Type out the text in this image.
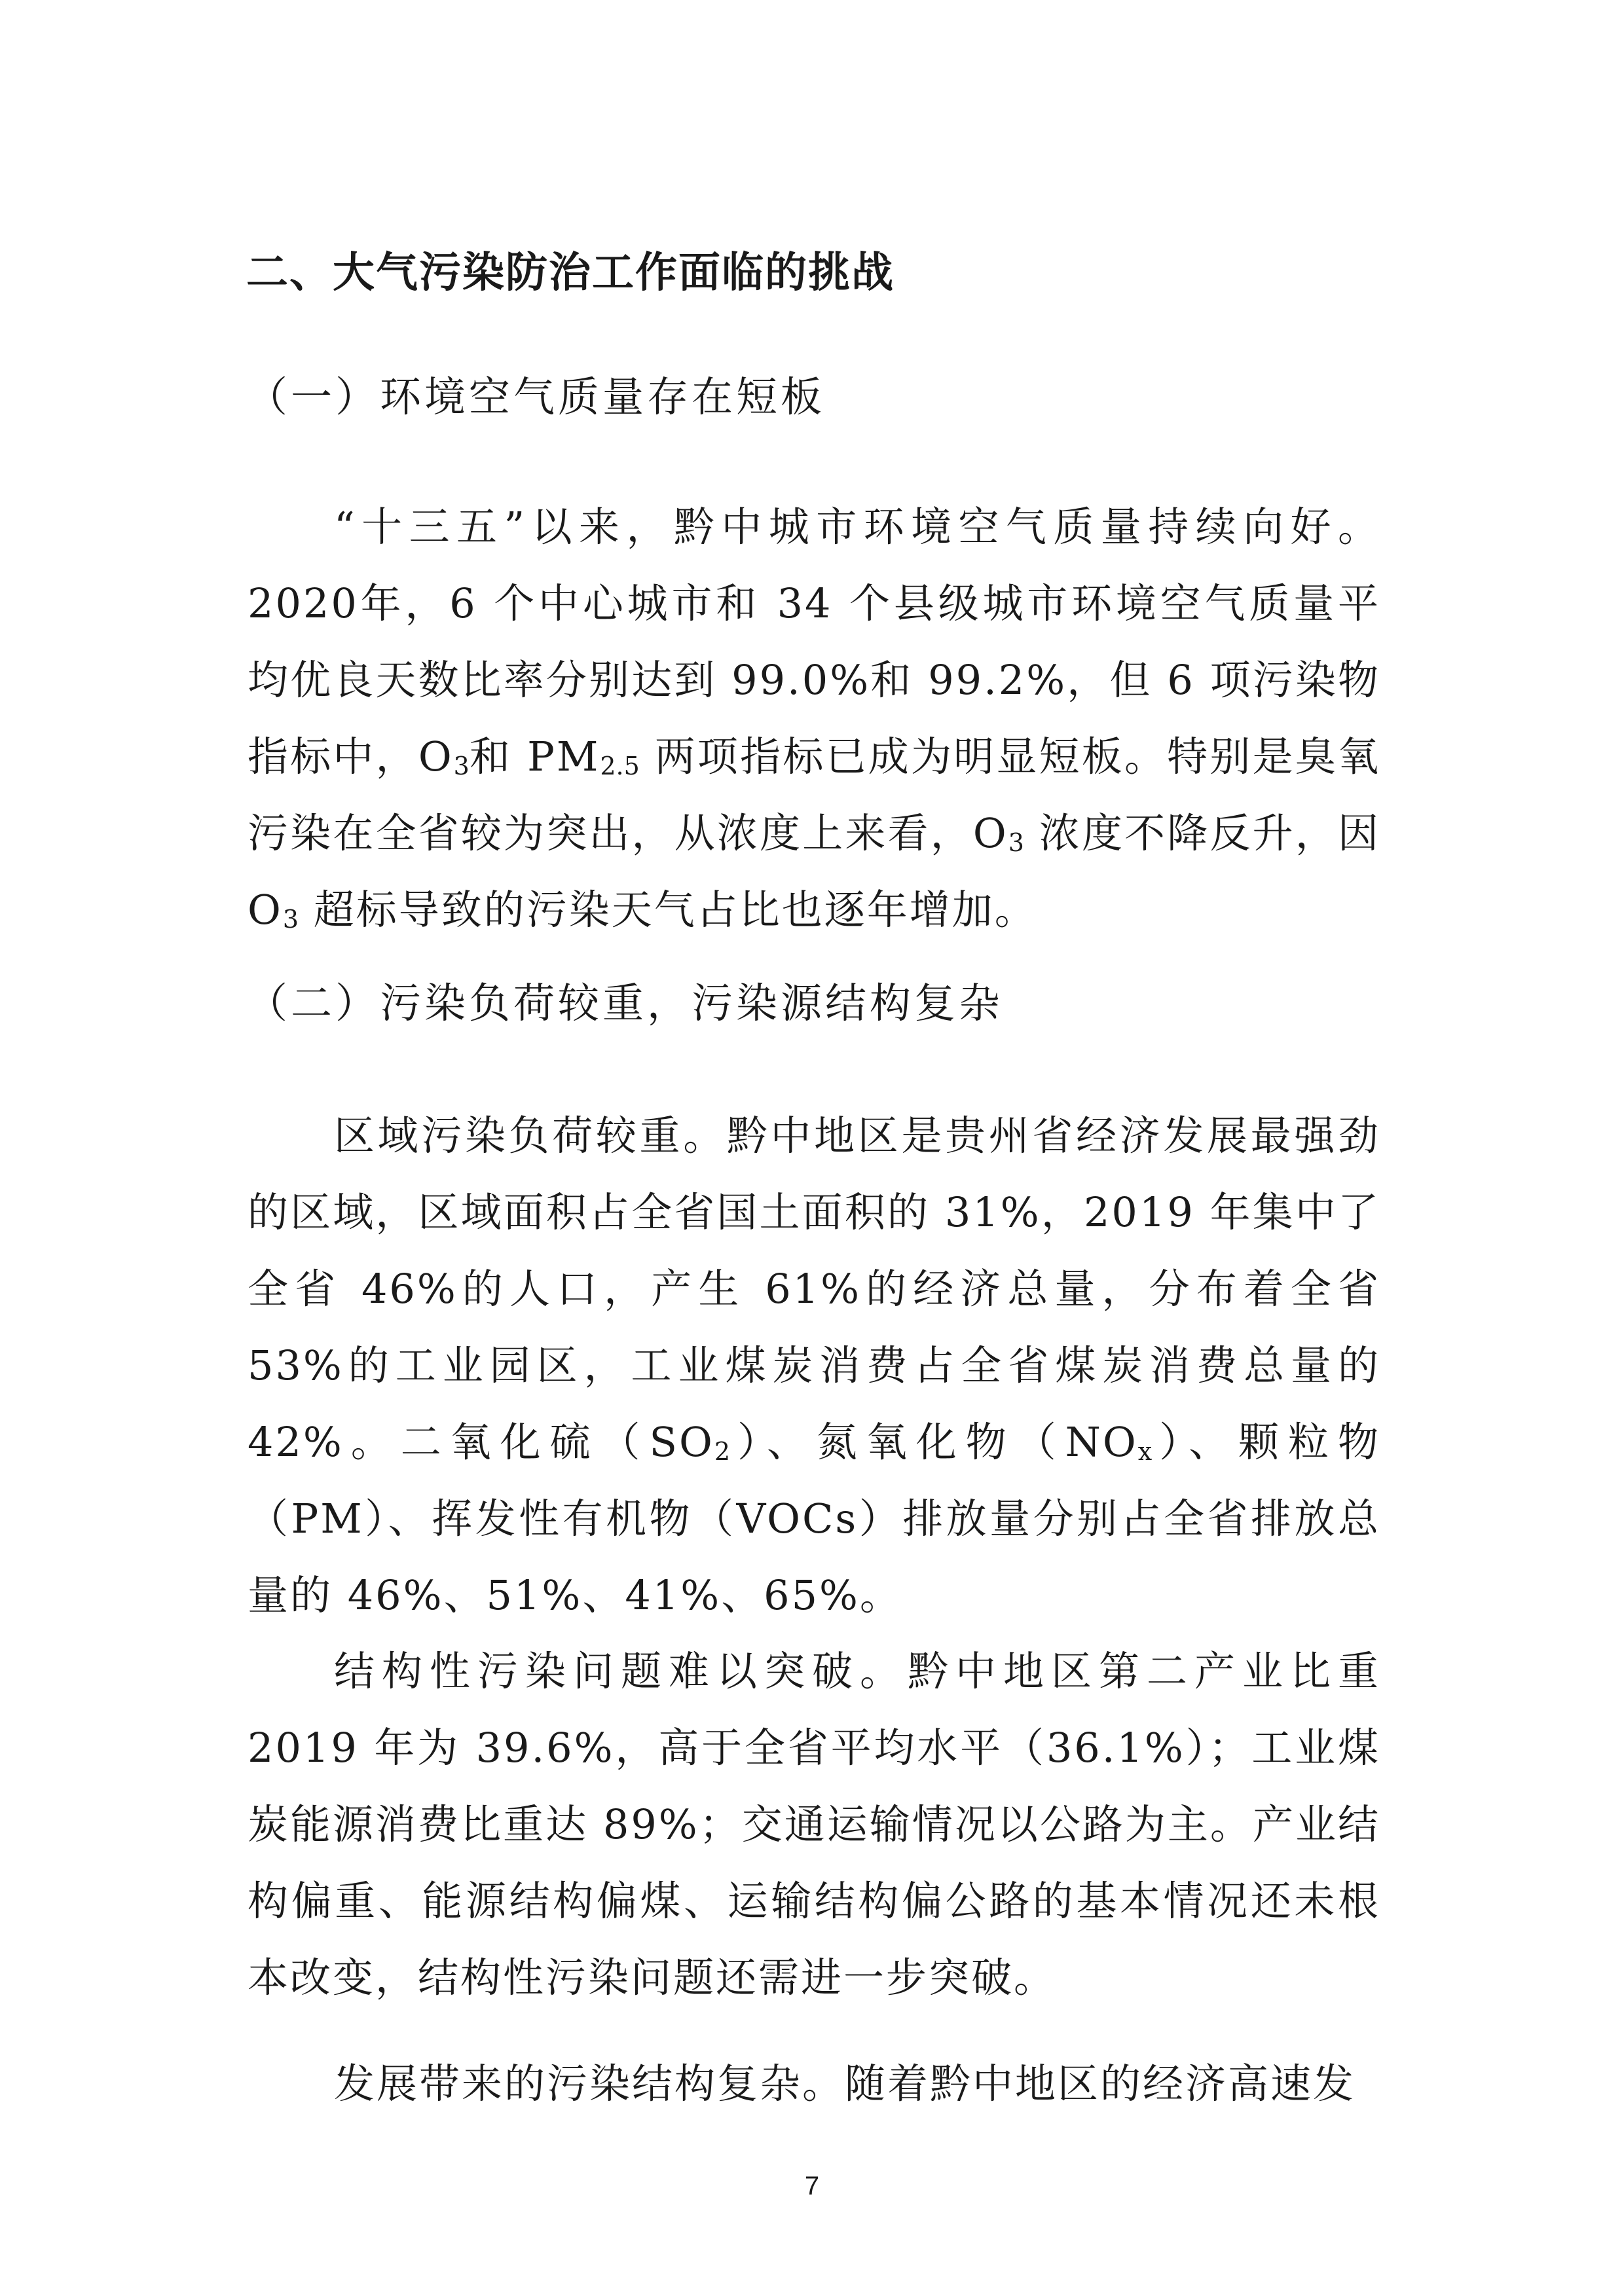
二、大气污染防治工作面临的挑战
（一）环境空气质量存在短板

“十三五”以来，黔中城市环境空气质量持续向好。2020年，6 个中心城市和 34 个县级城市环境空气质量平均优良天数比率分别达到 99.0%和 99.2%，但 6 项污染物指标中，$O_3$和 $PM_{2.5}$ 两项指标已成为明显短板。特别是臭氧污染在全省较为突出，从浓度上来看，$O_3$ 浓度不降反升，因 $O_3$ 超标导致的污染天气占比也逐年增加。

（二）污染负荷较重，污染源结构复杂

区域污染负荷较重。黔中地区是贵州省经济发展最强劲的区域，区域面积占全省国土面积的 31%，2019 年集中了全省 46%的人口，产生 61%的经济总量，分布着全省 53%的工业园区，工业煤炭消费占全省煤炭消费总量的 42%。二氧化硫$(SO_2)$、氮氧化物$(NO_x)$、颗粒物（PM）、挥发性有机物（VOCs）排放量分别占全省排放总量的 46%、51%、41%、65%。

结构性污染问题难以突破。黔中地区第二产业比重 2019 年为 39.6%，高于全省平均水平（36.1%）；工业煤炭能源消费比重达 89%；交通运输情况以公路为主。产业结构偏重、能源结构偏煤、运输结构偏公路的基本情况还未根本改变，结构性污染问题还需进一步突破。

发展带来的污染结构复杂。随着黔中地区的经济高速发

7
